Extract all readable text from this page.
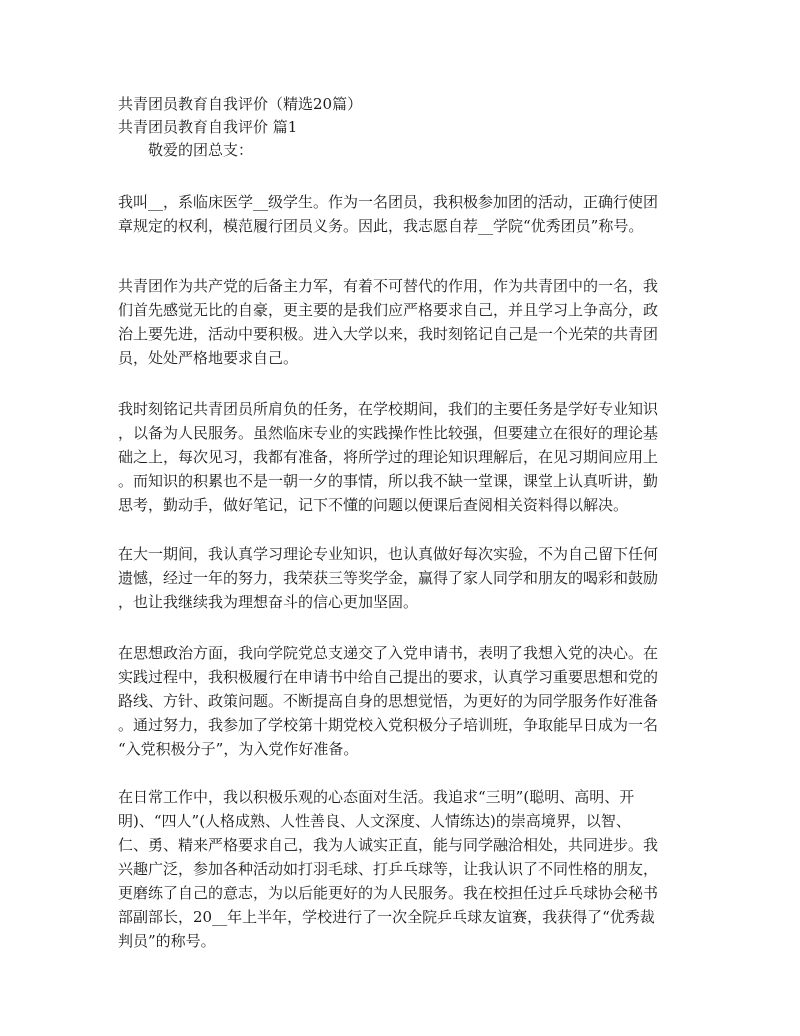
共青团员教育自我评价（精选20篇）
共青团员教育自我评价 篇1
敬爱的团总支：
我叫__，系临床医学__级学生。作为一名团员，我积极参加团的活动，正确行使团
章规定的权利，模范履行团员义务。因此，我志愿自荐__学院“优秀团员”称号。
共青团作为共产党的后备主力军，有着不可替代的作用，作为共青团中的一名，我
们首先感觉无比的自豪，更主要的是我们应严格要求自己，并且学习上争高分，政
治上要先进，活动中要积极。进入大学以来，我时刻铭记自己是一个光荣的共青团
员，处处严格地要求自己。
我时刻铭记共青团员所肩负的任务，在学校期间，我们的主要任务是学好专业知识
，以备为人民服务。虽然临床专业的实践操作性比较强，但要建立在很好的理论基
础之上，每次见习，我都有准备，将所学过的理论知识理解后，在见习期间应用上
。而知识的积累也不是一朝一夕的事情，所以我不缺一堂课，课堂上认真听讲，勤
思考，勤动手，做好笔记，记下不懂的问题以便课后查阅相关资料得以解决。
在大一期间，我认真学习理论专业知识，也认真做好每次实验，不为自己留下任何
遗憾，经过一年的努力，我荣获三等奖学金，赢得了家人同学和朋友的喝彩和鼓励
，也让我继续我为理想奋斗的信心更加坚固。
在思想政治方面，我向学院党总支递交了入党申请书，表明了我想入党的决心。在
实践过程中，我积极履行在申请书中给自己提出的要求，认真学习重要思想和党的
路线、方针、政策问题。不断提高自身的思想觉悟，为更好的为同学服务作好准备
。通过努力，我参加了学校第十期党校入党积极分子培训班，争取能早日成为一名
“入党积极分子”，为入党作好准备。
在日常工作中，我以积极乐观的心态面对生活。我追求“三明”(聪明、高明、开
明)、“四人”(人格成熟、人性善良、人文深度、人情练达)的崇高境界，以智、
仁、勇、精来严格要求自己，我为人诚实正直，能与同学融洽相处，共同进步。我
兴趣广泛，参加各种活动如打羽毛球、打乒乓球等，让我认识了不同性格的朋友，
更磨练了自己的意志，为以后能更好的为人民服务。我在校担任过乒乓球协会秘书
部副部长，20__年上半年，学校进行了一次全院乒乓球友谊赛，我获得了“优秀裁
判员”的称号。
